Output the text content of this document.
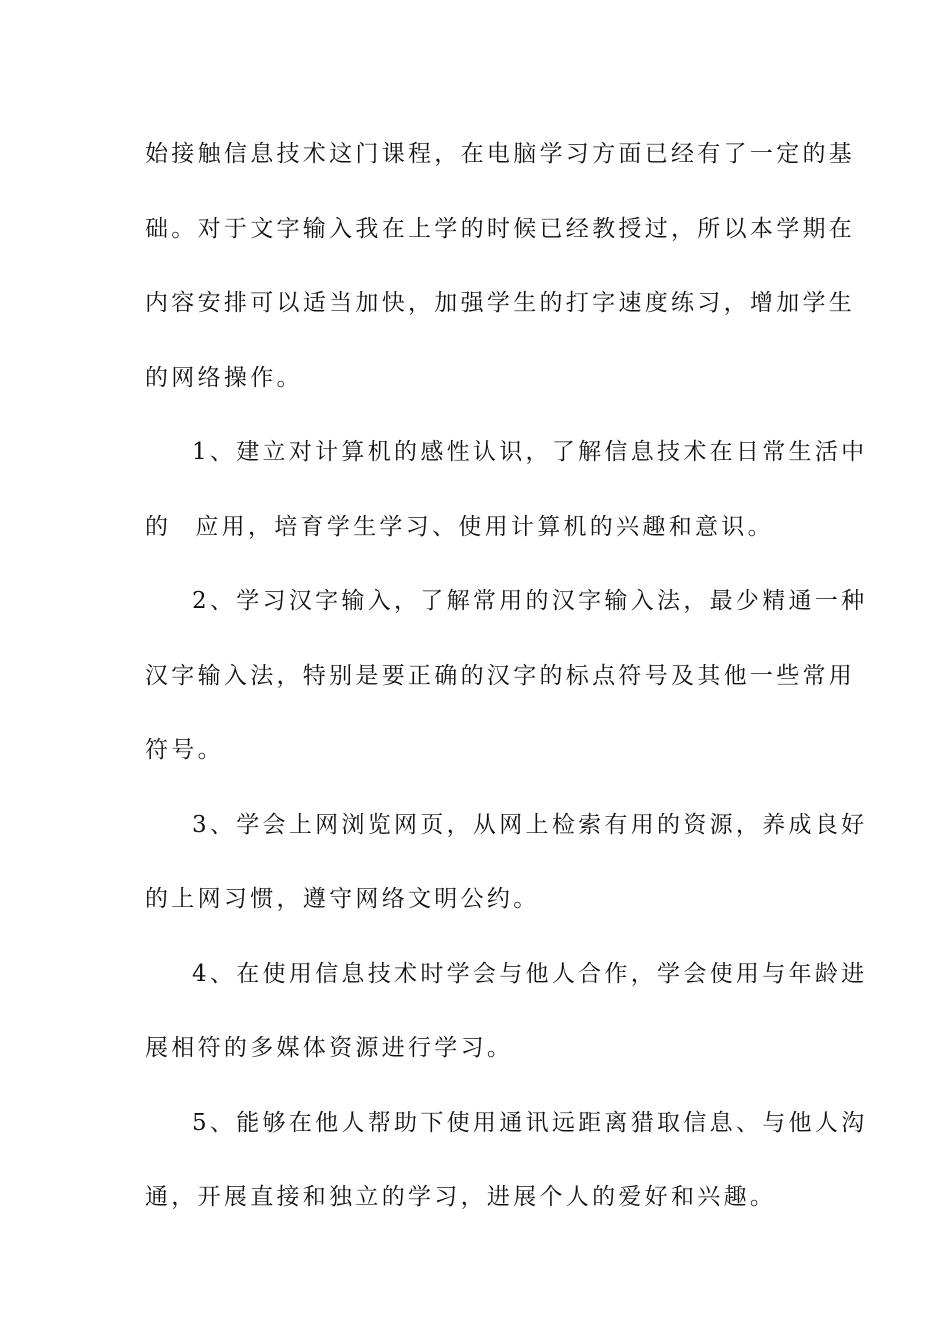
始接触信息技术这门课程，在电脑学习方面已经有了一定的基
础。对于文字输入我在上学的时候已经教授过，所以本学期在
内容安排可以适当加快，加强学生的打字速度练习，增加学生
的网络操作。
1、建立对计算机的感性认识，了解信息技术在日常生活中
的 应用，培育学生学习、使用计算机的兴趣和意识。
2、学习汉字输入，了解常用的汉字输入法，最少精通一种
汉字输入法，特别是要正确的汉字的标点符号及其他一些常用
符号。
3、学会上网浏览网页，从网上检索有用的资源，养成良好
的上网习惯，遵守网络文明公约。
4、在使用信息技术时学会与他人合作，学会使用与年龄进
展相符的多媒体资源进行学习。
5、能够在他人帮助下使用通讯远距离猎取信息、与他人沟
通，开展直接和独立的学习，进展个人的爱好和兴趣。
